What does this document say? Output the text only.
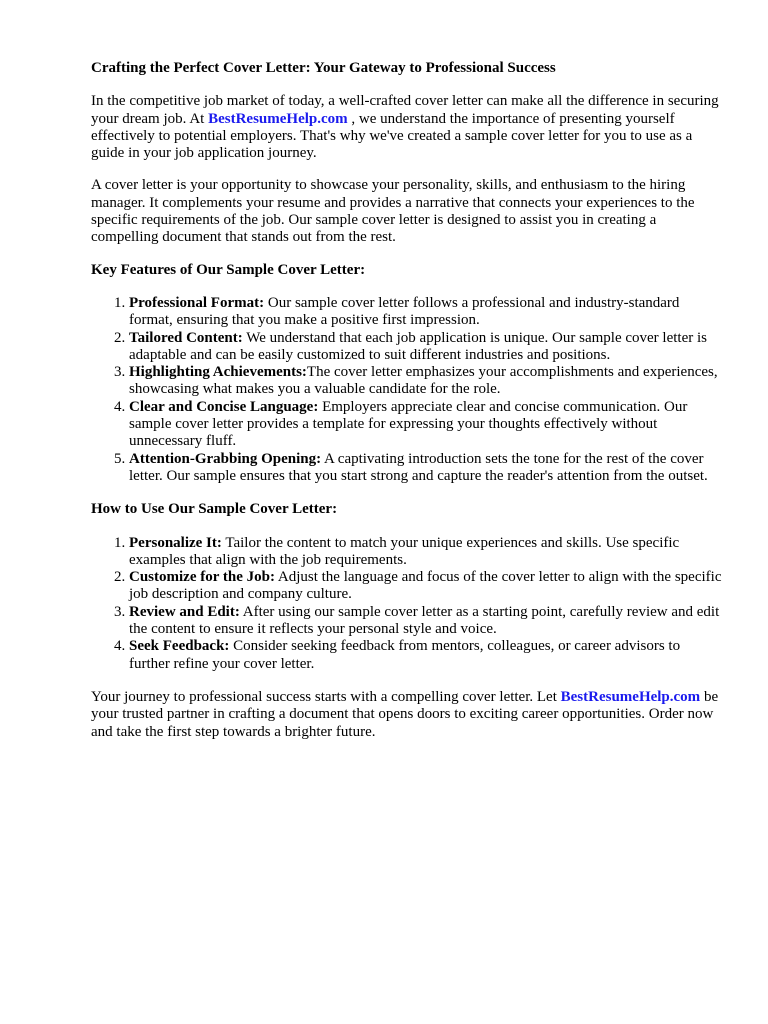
Crafting the Perfect Cover Letter: Your Gateway to Professional Success

In the competitive job market of today, a well-crafted cover letter can make all the difference in securing your dream job. At BestResumeHelp.com , we understand the importance of presenting yourself effectively to potential employers. That's why we've created a sample cover letter for you to use as a guide in your job application journey.

A cover letter is your opportunity to showcase your personality, skills, and enthusiasm to the hiring manager. It complements your resume and provides a narrative that connects your experiences to the specific requirements of the job. Our sample cover letter is designed to assist you in creating a compelling document that stands out from the rest.

Key Features of Our Sample Cover Letter:
1. Professional Format: Our sample cover letter follows a professional and industry-standard format, ensuring that you make a positive first impression.
2. Tailored Content: We understand that each job application is unique. Our sample cover letter is adaptable and can be easily customized to suit different industries and positions.
3. Highlighting Achievements:The cover letter emphasizes your accomplishments and experiences, showcasing what makes you a valuable candidate for the role.
4. Clear and Concise Language: Employers appreciate clear and concise communication. Our sample cover letter provides a template for expressing your thoughts effectively without unnecessary fluff.
5. Attention-Grabbing Opening: A captivating introduction sets the tone for the rest of the cover letter. Our sample ensures that you start strong and capture the reader's attention from the outset.
How to Use Our Sample Cover Letter:
1. Personalize It: Tailor the content to match your unique experiences and skills. Use specific examples that align with the job requirements.
2. Customize for the Job: Adjust the language and focus of the cover letter to align with the specific job description and company culture.
3. Review and Edit: After using our sample cover letter as a starting point, carefully review and edit the content to ensure it reflects your personal style and voice.
4. Seek Feedback: Consider seeking feedback from mentors, colleagues, or career advisors to further refine your cover letter.

Your journey to professional success starts with a compelling cover letter. Let BestResumeHelp.com be your trusted partner in crafting a document that opens doors to exciting career opportunities. Order now and take the first step towards a brighter future.
